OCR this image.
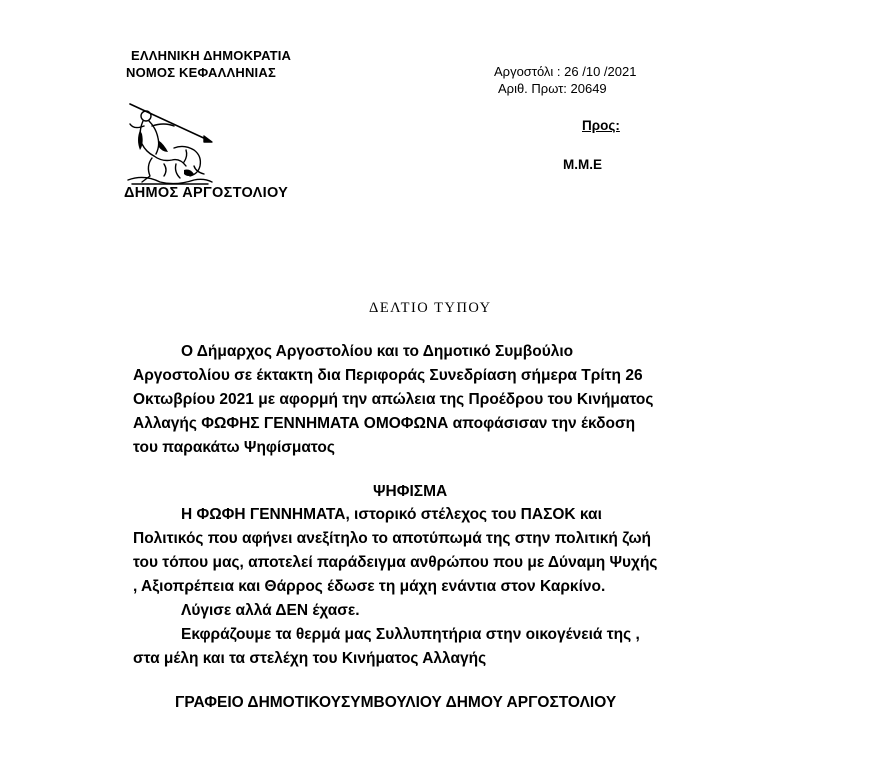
ΕΛΛΗΝΙΚΗ ΔΗΜΟΚΡΑΤΙΑ
ΝΟΜΟΣ ΚΕΦΑΛΛΗΝΙΑΣ
ΔΗΜΟΣ ΑΡΓΟΣΤΟΛΙΟΥ
Αργοστόλι : 26 /10 /2021
Αριθ. Πρωτ: 20649
Προς:
Μ.Μ.Ε
ΔΕΛΤΙΟ ΤΥΠΟΥ
Ο Δήμαρχος Αργοστολίου και το Δημοτικό Συμβούλιο
Αργοστολίου σε έκτακτη δια Περιφοράς Συνεδρίαση σήμερα Τρίτη 26
Οκτωβρίου 2021 με αφορμή την απώλεια της Προέδρου του Κινήματος
Αλλαγής ΦΩΦΗΣ ΓΕΝΝΗΜΑΤΑ ΟΜΟΦΩΝΑ αποφάσισαν την έκδοση
του παρακάτω Ψηφίσματος
ΨΗΦΙΣΜΑ
Η ΦΩΦΗ ΓΕΝΝΗΜΑΤΑ, ιστορικό στέλεχος του ΠΑΣΟΚ και
Πολιτικός που αφήνει ανεξίτηλο το αποτύπωμά της στην πολιτική ζωή
του τόπου μας, αποτελεί παράδειγμα ανθρώπου που με Δύναμη Ψυχής
, Αξιοπρέπεια και Θάρρος έδωσε τη μάχη ενάντια στον Καρκίνο.
Λύγισε αλλά ΔΕΝ έχασε.
Εκφράζουμε τα θερμά μας Συλλυπητήρια στην οικογένειά της ,
στα μέλη και τα στελέχη του Κινήματος Αλλαγής
ΓΡΑΦΕΙΟ ΔΗΜΟΤΙΚΟΥΣΥΜΒΟΥΛΙΟΥ ΔΗΜΟΥ ΑΡΓΟΣΤΟΛΙΟΥ
